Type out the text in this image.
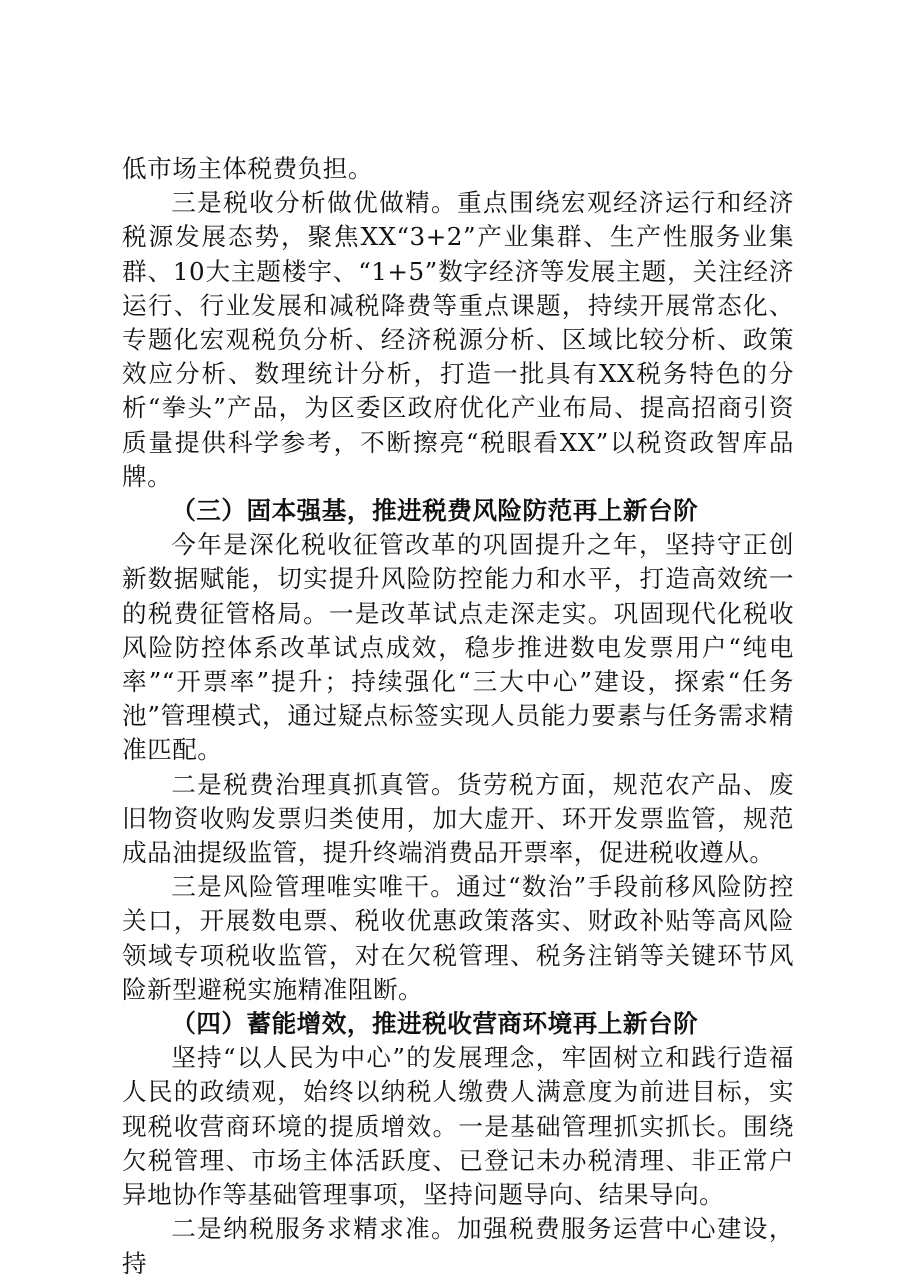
低市场主体税费负担。

三是税收分析做优做精。重点围绕宏观经济运行和经济税源发展态势，聚焦XX“3+2”产业集群、生产性服务业集群、10大主题楼宇、“1+5”数字经济等发展主题，关注经济运行、行业发展和减税降费等重点课题，持续开展常态化、专题化宏观税负分析、经济税源分析、区域比较分析、政策效应分析、数理统计分析，打造一批具有XX税务特色的分析“拳头”产品，为区委区政府优化产业布局、提高招商引资质量提供科学参考，不断擦亮“税眼看XX”以税资政智库品牌。

（三）固本强基，推进税费风险防范再上新台阶

今年是深化税收征管改革的巩固提升之年，坚持守正创新数据赋能，切实提升风险防控能力和水平，打造高效统一的税费征管格局。一是改革试点走深走实。巩固现代化税收风险防控体系改革试点成效，稳步推进数电发票用户“纯电率”“开票率”提升；持续强化“三大中心”建设，探索“任务池”管理模式，通过疑点标签实现人员能力要素与任务需求精准匹配。

二是税费治理真抓真管。货劳税方面，规范农产品、废旧物资收购发票归类使用，加大虚开、环开发票监管，规范成品油提级监管，提升终端消费品开票率，促进税收遵从。

三是风险管理唯实唯干。通过“数治”手段前移风险防控关口，开展数电票、税收优惠政策落实、财政补贴等高风险领域专项税收监管，对在欠税管理、税务注销等关键环节风险新型避税实施精准阻断。

（四）蓄能增效，推进税收营商环境再上新台阶

坚持“以人民为中心”的发展理念，牢固树立和践行造福人民的政绩观，始终以纳税人缴费人满意度为前进目标，实现税收营商环境的提质增效。一是基础管理抓实抓长。围绕欠税管理、市场主体活跃度、已登记未办税清理、非正常户异地协作等基础管理事项，坚持问题导向、结果导向。

二是纳税服务求精求准。加强税费服务运营中心建设，持
